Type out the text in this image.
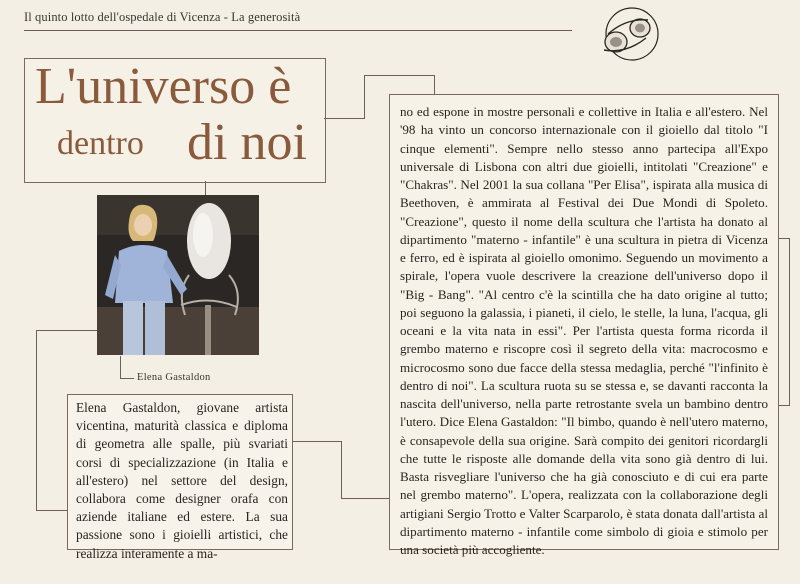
Il quinto lotto dell'ospedale di Vicenza - La generosità
L'universo è
dentro di noi
Elena Gastaldon
Elena Gastaldon, giovane artista vicentina, maturità classica e diploma di geometra alle spalle, più svariati corsi di specializzazione (in Italia e all'estero) nel settore del design, collabora come designer orafa con aziende italiane ed estere. La sua passione sono i gioielli artistici, che realizza interamente a ma-
no ed espone in mostre personali e collettive in Italia e all'estero. Nel '98 ha vinto un concorso internazionale con il gioiello dal titolo "I cinque elementi". Sempre nello stesso anno partecipa all'Expo universale di Lisbona con altri due gioielli, intitolati "Creazione" e "Chakras". Nel 2001 la sua collana "Per Elisa", ispirata alla musica di Beethoven, è ammirata al Festival dei Due Mondi di Spoleto. "Creazione", questo il nome della scultura che l'artista ha donato al dipartimento "materno - infantile" è una scultura in pietra di Vicenza e ferro, ed è ispirata al gioiello omonimo. Seguendo un movimento a spirale, l'opera vuole descrivere la creazione dell'universo dopo il "Big - Bang". "Al centro c'è la scintilla che ha dato origine al tutto; poi seguono la galassia, i pianeti, il cielo, le stelle, la luna, l'acqua, gli oceani e la vita nata in essi". Per l'artista questa forma ricorda il grembo materno e riscopre così il segreto della vita: macrocosmo e microcosmo sono due facce della stessa medaglia, perché "l'infinito è dentro di noi". La scultura ruota su se stessa e, se davanti racconta la nascita dell'universo, nella parte retrostante svela un bambino dentro l'utero. Dice Elena Gastaldon: "Il bimbo, quando è nell'utero materno, è consapevole della sua origine. Sarà compito dei genitori ricordargli che tutte le risposte alle domande della vita sono già dentro di lui. Basta risvegliare l'universo che ha già conosciuto e di cui era parte nel grembo materno". L'opera, realizzata con la collaborazione degli artigiani Sergio Trotto e Valter Scarparolo, è stata donata dall'artista al dipartimento materno - infantile come simbolo di gioia e stimolo per una società più accogliente.
